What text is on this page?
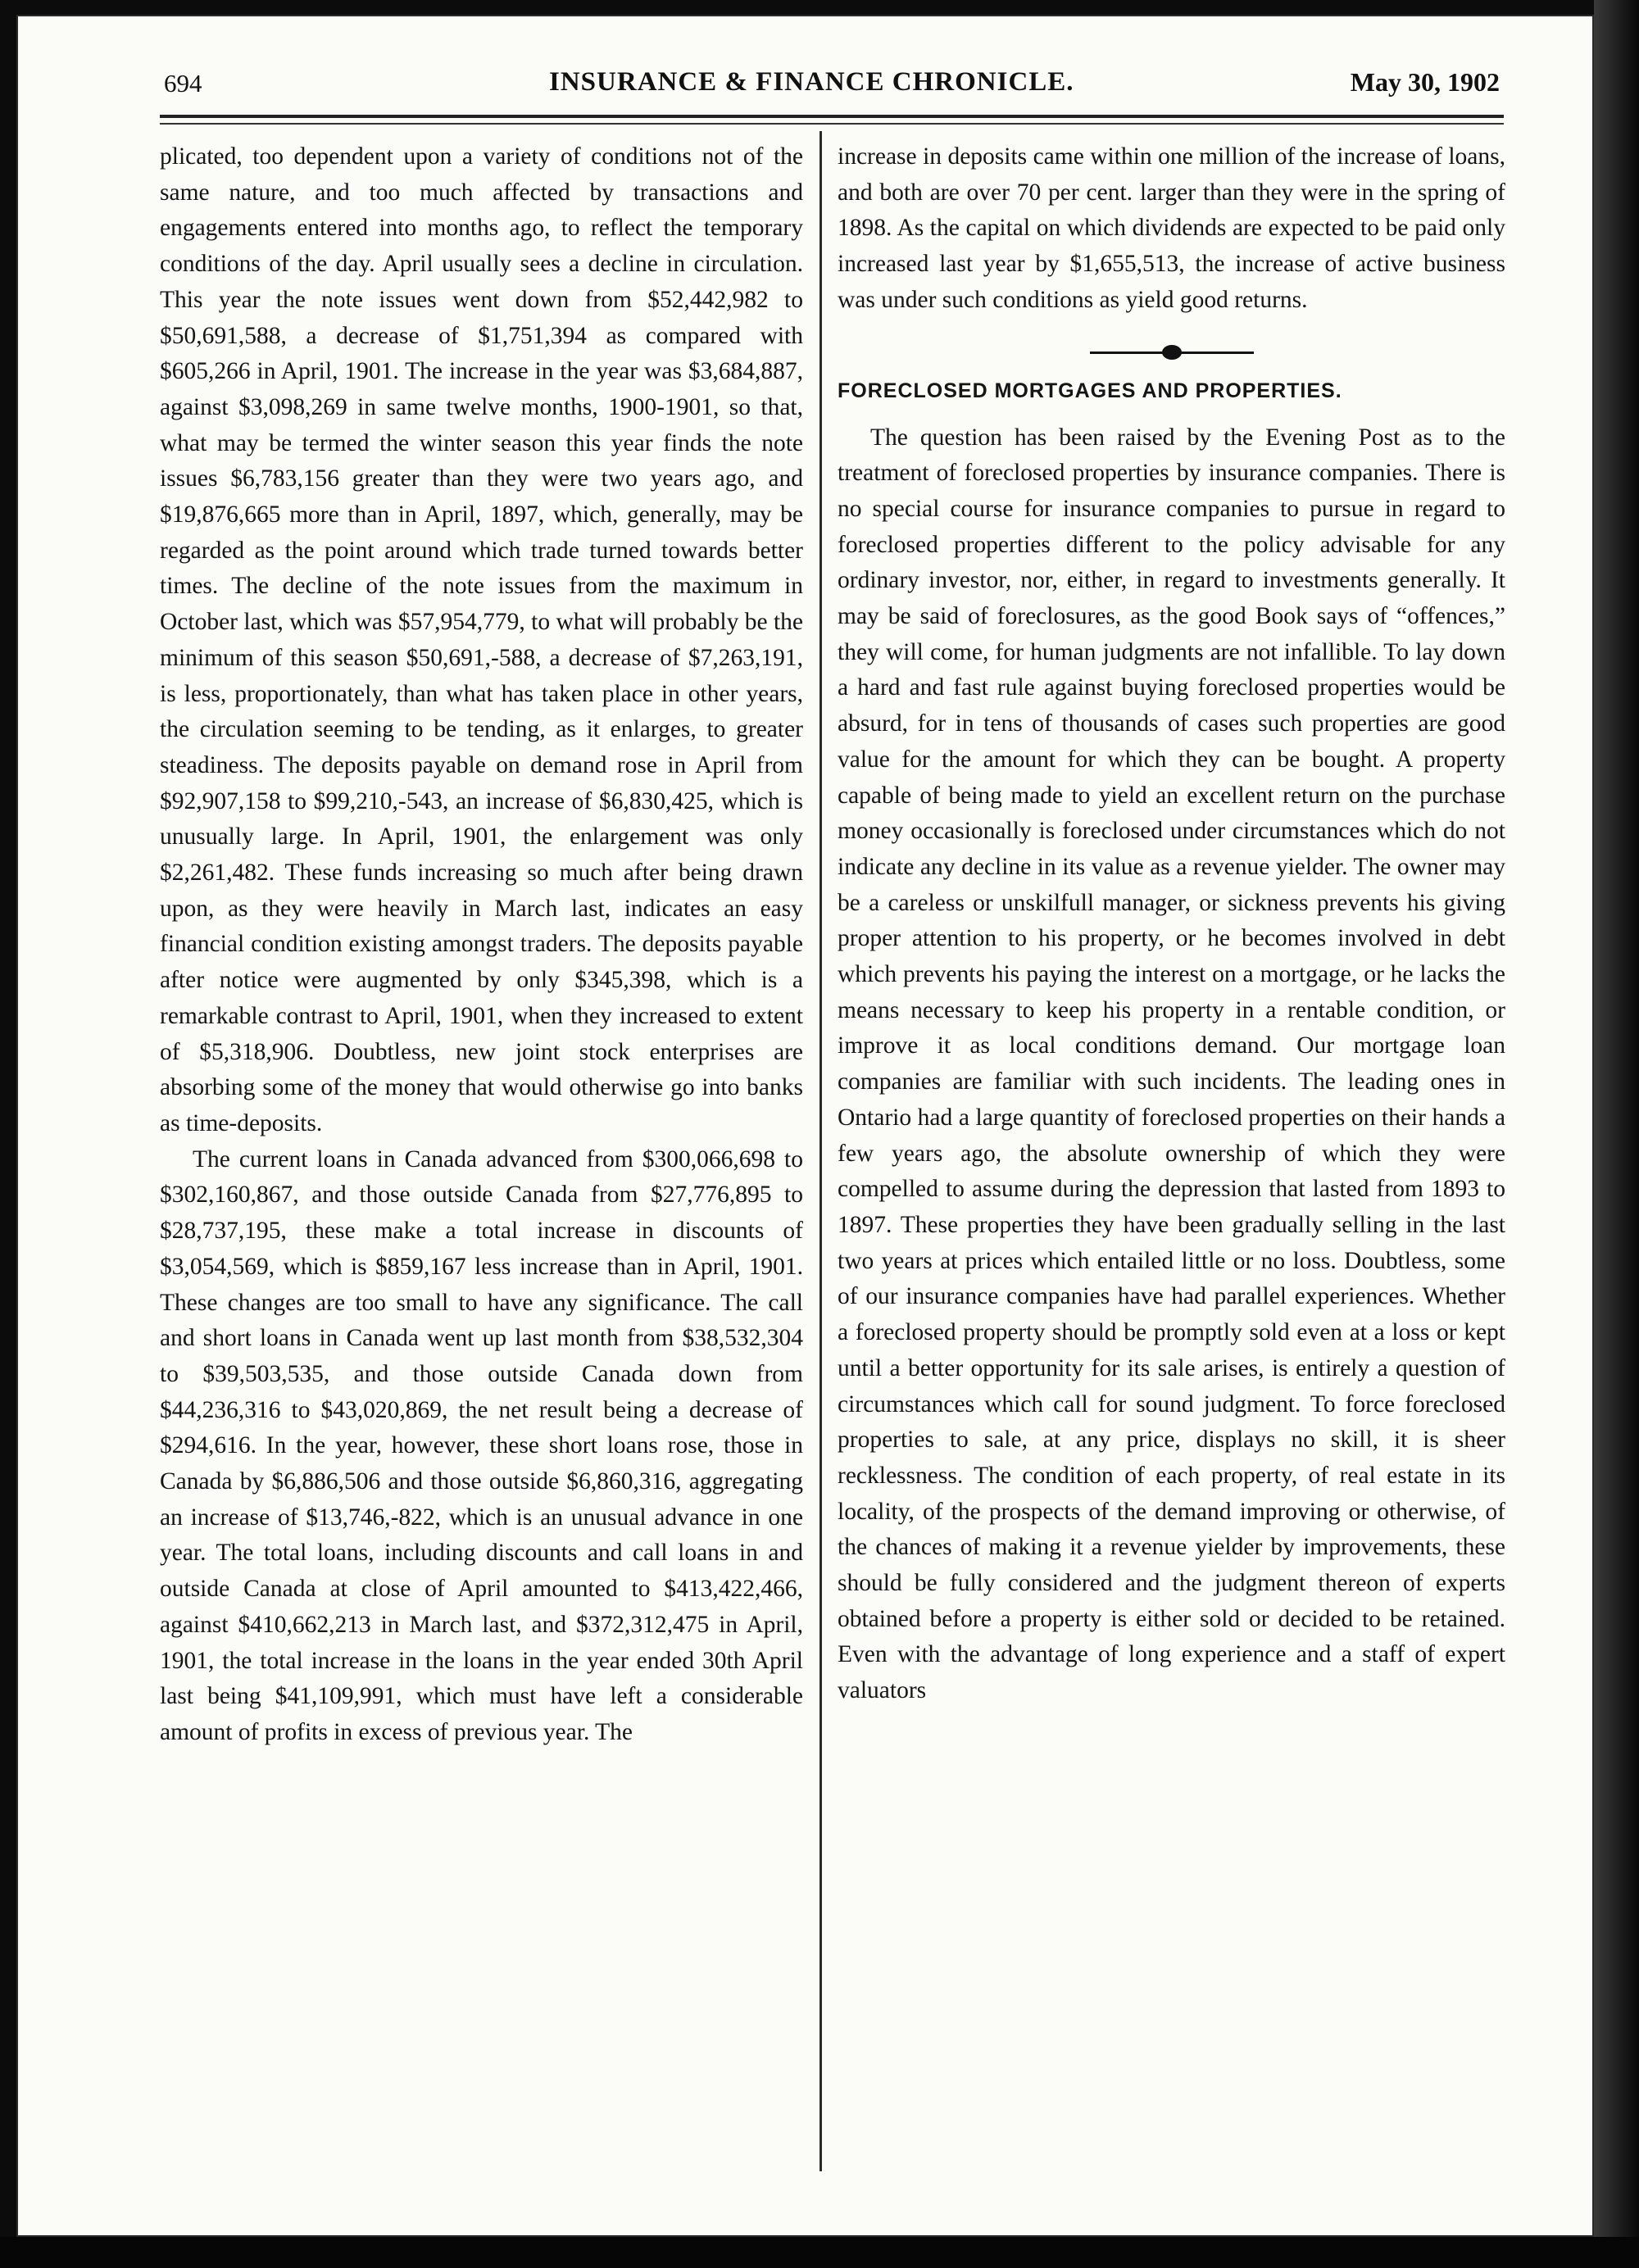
694	INSURANCE & FINANCE CHRONICLE.	May 30, 1902

plicated, too dependent upon a variety of conditions not of the same nature, and too much affected by transactions and engagements entered into months ago, to reflect the temporary conditions of the day. April usually sees a decline in circulation. This year the note issues went down from $52,442,982 to $50,691,588, a decrease of $1,751,394 as compared with $605,266 in April, 1901. The increase in the year was $3,684,887, against $3,098,269 in same twelve months, 1900-1901, so that, what may be termed the winter season this year finds the note issues $6,783,156 greater than they were two years ago, and $19,876,665 more than in April, 1897, which, generally, may be regarded as the point around which trade turned towards better times. The decline of the note issues from the maximum in October last, which was $57,954,779, to what will probably be the minimum of this season $50,691,-588, a decrease of $7,263,191, is less, proportionately, than what has taken place in other years, the circulation seeming to be tending, as it enlarges, to greater steadiness. The deposits payable on demand rose in April from $92,907,158 to $99,210,-543, an increase of $6,830,425, which is unusually large. In April, 1901, the enlargement was only $2,261,482. These funds increasing so much after being drawn upon, as they were heavily in March last, indicates an easy financial condition existing amongst traders. The deposits payable after notice were augmented by only $345,398, which is a remarkable contrast to April, 1901, when they increased to extent of $5,318,906. Doubtless, new joint stock enterprises are absorbing some of the money that would otherwise go into banks as time-deposits.

The current loans in Canada advanced from $300,066,698 to $302,160,867, and those outside Canada from $27,776,895 to $28,737,195, these make a total increase in discounts of $3,054,569, which is $859,167 less increase than in April, 1901. These changes are too small to have any significance. The call and short loans in Canada went up last month from $38,532,304 to $39,503,535, and those outside Canada down from $44,236,316 to $43,020,869, the net result being a decrease of $294,616. In the year, however, these short loans rose, those in Canada by $6,886,506 and those outside $6,860,316, aggregating an increase of $13,746,-822, which is an unusual advance in one year. The total loans, including discounts and call loans in and outside Canada at close of April amounted to $413,422,466, against $410,662,213 in March last, and $372,312,475 in April, 1901, the total increase in the loans in the year ended 30th April last being $41,109,991, which must have left a considerable amount of profits in excess of previous year. The

increase in deposits came within one million of the increase of loans, and both are over 70 per cent. larger than they were in the spring of 1898. As the capital on which dividends are expected to be paid only increased last year by $1,655,513, the increase of active business was under such conditions as yield good returns.

FORECLOSED MORTGAGES AND PROPERTIES.

The question has been raised by the Evening Post as to the treatment of foreclosed properties by insurance companies. There is no special course for insurance companies to pursue in regard to foreclosed properties different to the policy advisable for any ordinary investor, nor, either, in regard to investments generally. It may be said of foreclosures, as the good Book says of “offences,” they will come, for human judgments are not infallible. To lay down a hard and fast rule against buying foreclosed properties would be absurd, for in tens of thousands of cases such properties are good value for the amount for which they can be bought. A property capable of being made to yield an excellent return on the purchase money occasionally is foreclosed under circumstances which do not indicate any decline in its value as a revenue yielder. The owner may be a careless or unskilfull manager, or sickness prevents his giving proper attention to his property, or he becomes involved in debt which prevents his paying the interest on a mortgage, or he lacks the means necessary to keep his property in a rentable condition, or improve it as local conditions demand. Our mortgage loan companies are familiar with such incidents. The leading ones in Ontario had a large quantity of foreclosed properties on their hands a few years ago, the absolute ownership of which they were compelled to assume during the depression that lasted from 1893 to 1897. These properties they have been gradually selling in the last two years at prices which entailed little or no loss. Doubtless, some of our insurance companies have had parallel experiences. Whether a foreclosed property should be promptly sold even at a loss or kept until a better opportunity for its sale arises, is entirely a question of circumstances which call for sound judgment. To force foreclosed properties to sale, at any price, displays no skill, it is sheer recklessness. The condition of each property, of real estate in its locality, of the prospects of the demand improving or otherwise, of the chances of making it a revenue yielder by improvements, these should be fully considered and the judgment thereon of experts obtained before a property is either sold or decided to be retained. Even with the advantage of long experience and a staff of expert valuators
